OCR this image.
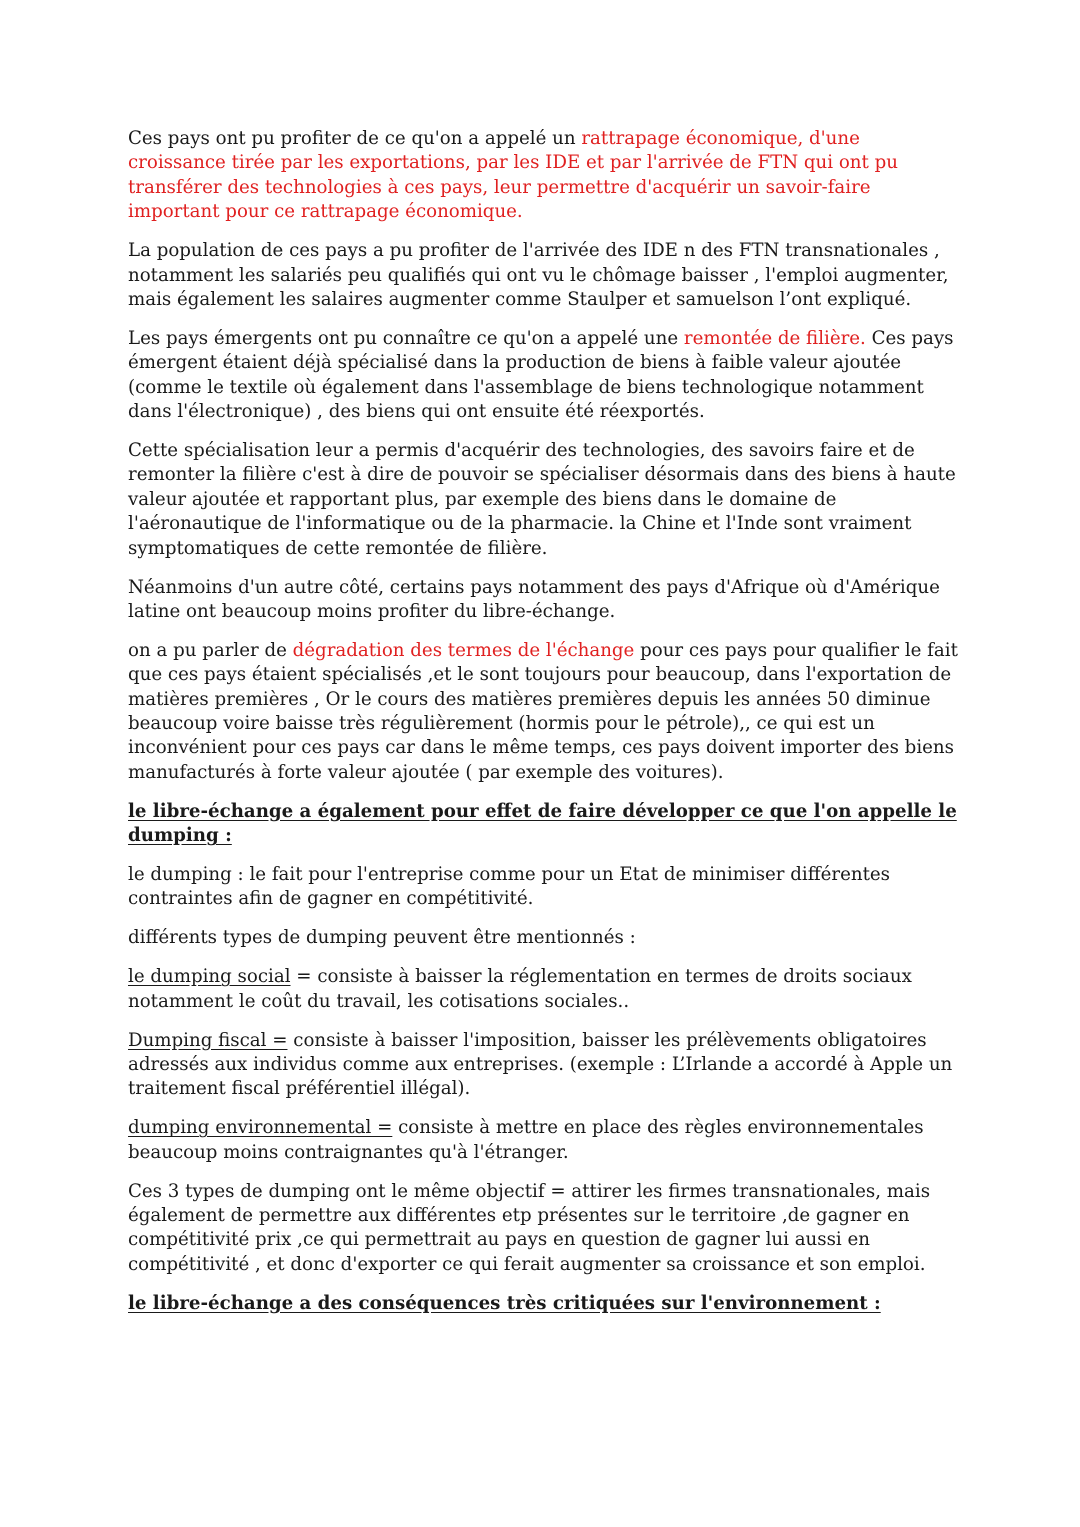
Ces pays ont pu profiter de ce qu'on a appelé un rattrapage économique, d'une croissance tirée par les exportations, par les IDE et par l'arrivée de FTN qui ont pu transférer des technologies à ces pays, leur permettre d'acquérir un savoir-faire important pour ce rattrapage économique.

La population de ces pays a pu profiter de l'arrivée des IDE n des FTN transnationales , notamment les salariés peu qualifiés qui ont vu le chômage baisser , l'emploi augmenter, mais également les salaires augmenter comme Staulper et samuelson l’ont expliqué.

Les pays émergents ont pu connaître ce qu'on a appelé une remontée de filière. Ces pays émergent étaient déjà spécialisé dans la production de biens à faible valeur ajoutée (comme le textile où également dans l'assemblage de biens technologique notamment dans l'électronique) , des biens qui ont ensuite été réexportés.

Cette spécialisation leur a permis d'acquérir des technologies, des savoirs faire et de remonter la filière c'est à dire de pouvoir se spécialiser désormais dans des biens à haute valeur ajoutée et rapportant plus, par exemple des biens dans le domaine de l'aéronautique de l'informatique ou de la pharmacie. la Chine et l'Inde sont vraiment symptomatiques de cette remontée de filière.

Néanmoins d'un autre côté, certains pays notamment des pays d'Afrique où d'Amérique latine ont beaucoup moins profiter du libre-échange.

on a pu parler de dégradation des termes de l'échange pour ces pays pour qualifier le fait que ces pays étaient spécialisés ,et le sont toujours pour beaucoup, dans l'exportation de matières premières , Or le cours des matières premières depuis les années 50 diminue beaucoup voire baisse très régulièrement (hormis pour le pétrole),, ce qui est un inconvénient pour ces pays car dans le même temps, ces pays doivent importer des biens manufacturés à forte valeur ajoutée ( par exemple des voitures).

le libre-échange a également pour effet de faire développer ce que l'on appelle le dumping :

le dumping : le fait pour l'entreprise comme pour un Etat de minimiser différentes contraintes afin de gagner en compétitivité.

différents types de dumping peuvent être mentionnés :

le dumping social = consiste à baisser la réglementation en termes de droits sociaux notamment le coût du travail, les cotisations sociales..

Dumping fiscal = consiste à baisser l'imposition, baisser les prélèvements obligatoires adressés aux individus comme aux entreprises. (exemple : L’Irlande a accordé à Apple un traitement fiscal préférentiel illégal).

dumping environnemental = consiste à mettre en place des règles environnementales beaucoup moins contraignantes qu'à l'étranger.

Ces 3 types de dumping ont le même objectif = attirer les firmes transnationales, mais également de permettre aux différentes etp présentes sur le territoire ,de gagner en compétitivité prix ,ce qui permettrait au pays en question de gagner lui aussi en compétitivité , et donc d'exporter ce qui ferait augmenter sa croissance et son emploi.

le libre-échange a des conséquences très critiquées sur l'environnement :
